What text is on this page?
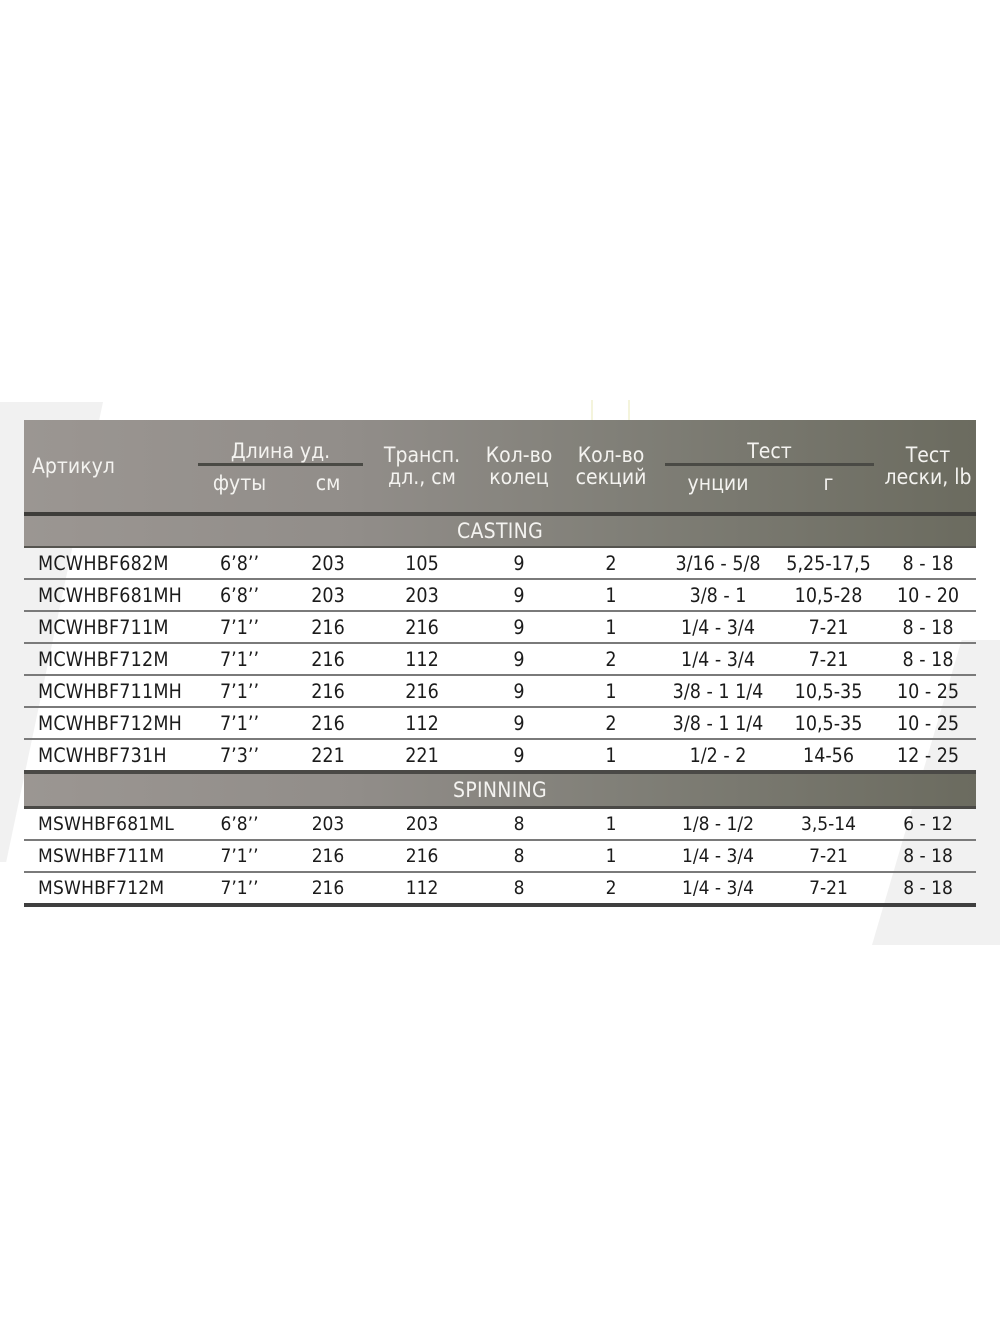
Артикул	Длина уд.		Трансп. дл., см	Кол-во колец	Кол-во секций	Тест		Тест лески, lb
	футы	см				унции	г	
CASTING								
MCWHBF682M	6’8’’	203	105	9	2	3/16 - 5/8	5,25-17,5	8 - 18
MCWHBF681MH	6’8’’	203	203	9	1	3/8 - 1	10,5-28	10 - 20
MCWHBF711M	7’1’’	216	216	9	1	1/4 - 3/4	7-21	8 - 18
MCWHBF712M	7’1’’	216	112	9	2	1/4 - 3/4	7-21	8 - 18
MCWHBF711MH	7’1’’	216	216	9	1	3/8 - 1 1/4	10,5-35	10 - 25
MCWHBF712MH	7’1’’	216	112	9	2	3/8 - 1 1/4	10,5-35	10 - 25
MCWHBF731H	7’3’’	221	221	9	1	1/2 - 2	14-56	12 - 25
SPINNING								
MSWHBF681ML	6’8’’	203	203	8	1	1/8 - 1/2	3,5-14	6 - 12
MSWHBF711M	7’1’’	216	216	8	1	1/4 - 3/4	7-21	8 - 18
MSWHBF712M	7’1’’	216	112	8	2	1/4 - 3/4	7-21	8 - 18
